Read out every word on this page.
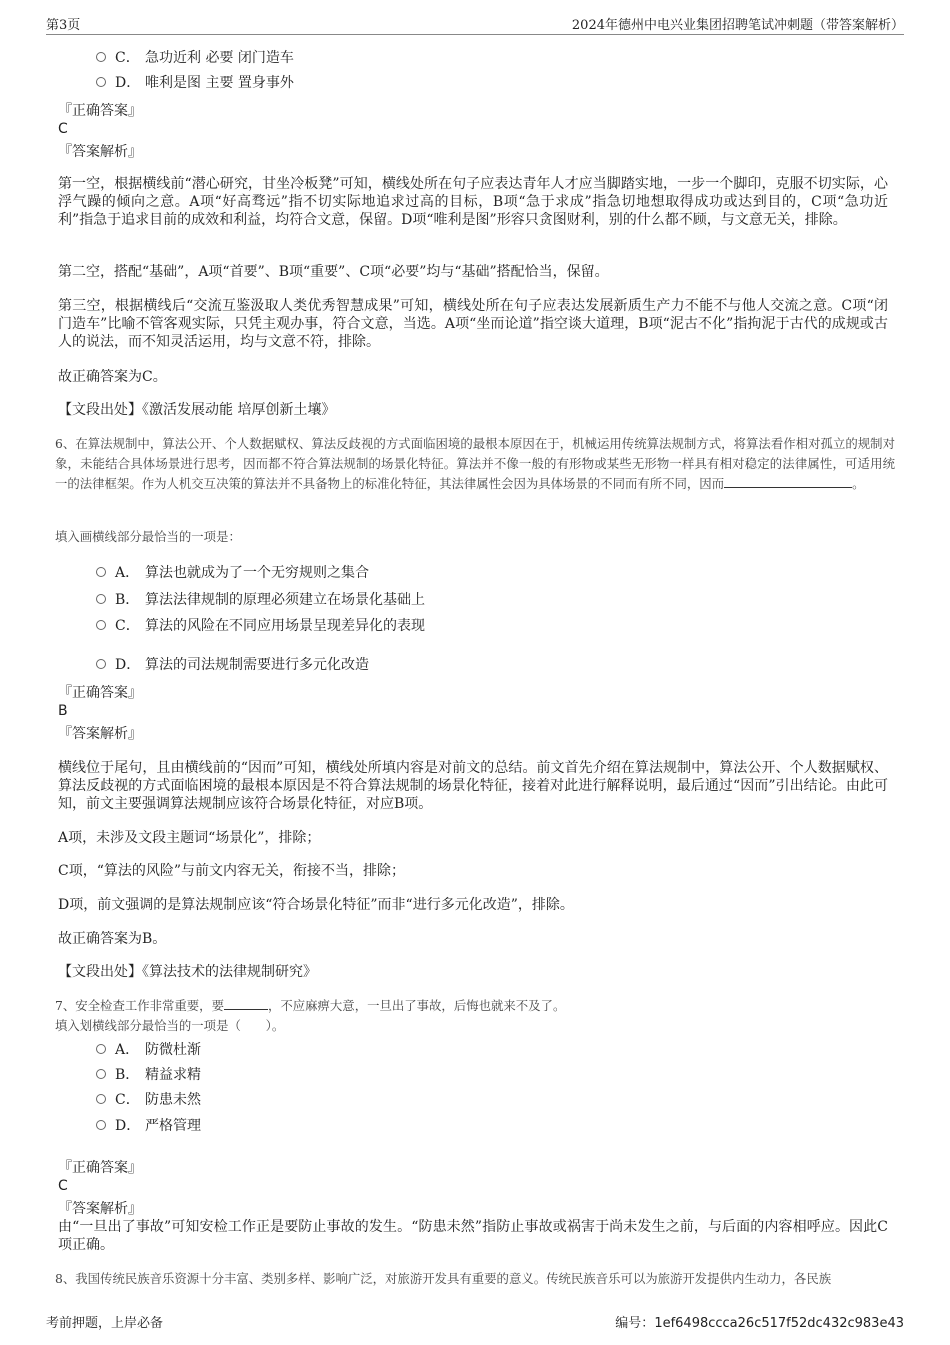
第3页	2024年德州中电兴业集团招聘笔试冲刺题（带答案解析）
C． 急功近利 必要 闭门造车
D． 唯利是图 主要 置身事外
『正确答案』
C
『答案解析』
第一空，根据横线前“潜心研究，甘坐冷板凳”可知，横线处所在句子应表达青年人才应当脚踏实地，一步一个脚印，克服不切实际，心浮气躁的倾向之意。A项“好高骛远”指不切实际地追求过高的目标，B项“急于求成”指急切地想取得成功或达到目的，C项“急功近利”指急于追求目前的成效和利益，均符合文意，保留。D项“唯利是图”形容只贪图财利，别的什么都不顾，与文意无关，排除。
第二空，搭配“基础”，A项“首要”、B项“重要”、C项“必要”均与“基础”搭配恰当，保留。
第三空，根据横线后“交流互鉴汲取人类优秀智慧成果”可知，横线处所在句子应表达发展新质生产力不能不与他人交流之意。C项“闭门造车”比喻不管客观实际，只凭主观办事，符合文意，当选。A项“坐而论道”指空谈大道理，B项“泥古不化”指拘泥于古代的成规或古人的说法，而不知灵活运用，均与文意不符，排除。
故正确答案为C。
【文段出处】《激活发展动能 培厚创新土壤》
6、在算法规制中，算法公开、个人数据赋权、算法反歧视的方式面临困境的最根本原因在于，机械运用传统算法规制方式，将算法看作相对孤立的规制对象，未能结合具体场景进行思考，因而都不符合算法规制的场景化特征。算法并不像一般的有形物或某些无形物一样具有相对稳定的法律属性，可适用统一的法律框架。作为人机交互决策的算法并不具备物上的标准化特征，其法律属性会因为具体场景的不同而有所不同，因而	。
填入画横线部分最恰当的一项是：
A． 算法也就成为了一个无穷规则之集合
B． 算法法律规制的原理必须建立在场景化基础上
C． 算法的风险在不同应用场景呈现差异化的表现
D． 算法的司法规制需要进行多元化改造
『正确答案』
B
『答案解析』
横线位于尾句，且由横线前的“因而”可知，横线处所填内容是对前文的总结。前文首先介绍在算法规制中，算法公开、个人数据赋权、算法反歧视的方式面临困境的最根本原因是不符合算法规制的场景化特征，接着对此进行解释说明，最后通过“因而”引出结论。由此可知，前文主要强调算法规制应该符合场景化特征，对应B项。
A项，未涉及文段主题词“场景化”，排除；
C项，“算法的风险”与前文内容无关，衔接不当，排除；
D项，前文强调的是算法规制应该“符合场景化特征”而非“进行多元化改造”，排除。
故正确答案为B。
【文段出处】《算法技术的法律规制研究》
7、安全检查工作非常重要，要	，不应麻痹大意，一旦出了事故，后悔也就来不及了。
填入划横线部分最恰当的一项是（　　）。
A． 防微杜渐
B． 精益求精
C． 防患未然
D． 严格管理
『正确答案』
C
『答案解析』
由“一旦出了事故”可知安检工作正是要防止事故的发生。“防患未然”指防止事故或祸害于尚未发生之前，与后面的内容相呼应。因此C项正确。
8、我国传统民族音乐资源十分丰富、类别多样、影响广泛，对旅游开发具有重要的意义。传统民族音乐可以为旅游开发提供内生动力，各民族
考前押题，上岸必备	编号：1ef6498ccca26c517f52dc432c983e43
